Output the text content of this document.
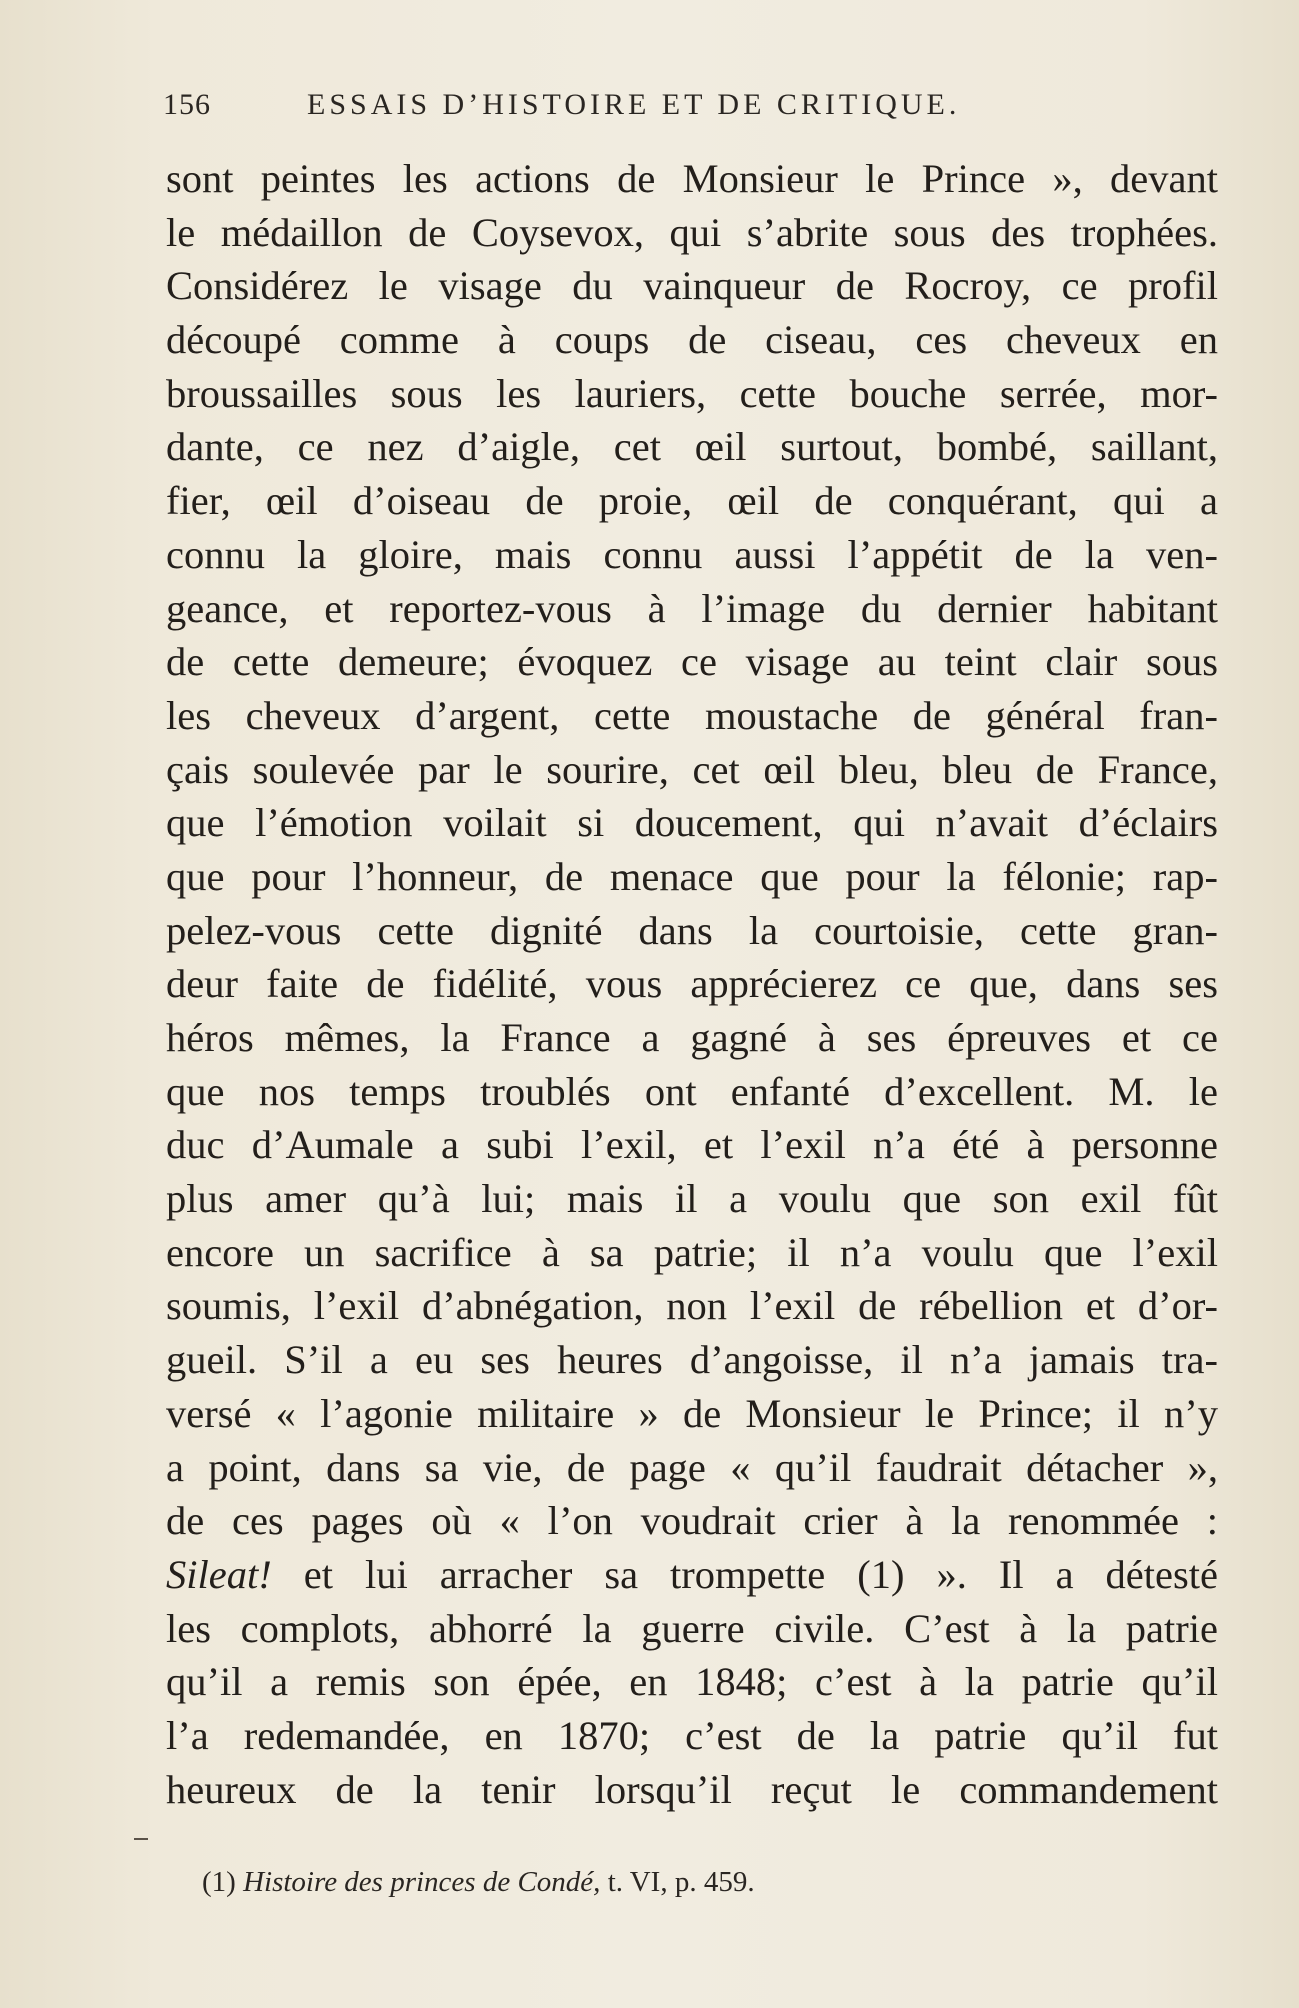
156	ESSAIS D’HISTOIRE ET DE CRITIQUE.
sont peintes les actions de Monsieur le Prince », devant
le médaillon de Coysevox, qui s’abrite sous des trophées.
Considérez le visage du vainqueur de Rocroy, ce profil
découpé comme à coups de ciseau, ces cheveux en
broussailles sous les lauriers, cette bouche serrée, mor-
dante, ce nez d’aigle, cet œil surtout, bombé, saillant,
fier, œil d’oiseau de proie, œil de conquérant, qui a
connu la gloire, mais connu aussi l’appétit de la ven-
geance, et reportez-vous à l’image du dernier habitant
de cette demeure; évoquez ce visage au teint clair sous
les cheveux d’argent, cette moustache de général fran-
çais soulevée par le sourire, cet œil bleu, bleu de France,
que l’émotion voilait si doucement, qui n’avait d’éclairs
que pour l’honneur, de menace que pour la félonie; rap-
pelez-vous cette dignité dans la courtoisie, cette gran-
deur faite de fidélité, vous apprécierez ce que, dans ses
héros mêmes, la France a gagné à ses épreuves et ce
que nos temps troublés ont enfanté d’excellent. M. le
duc d’Aumale a subi l’exil, et l’exil n’a été à personne
plus amer qu’à lui; mais il a voulu que son exil fût
encore un sacrifice à sa patrie; il n’a voulu que l’exil
soumis, l’exil d’abnégation, non l’exil de rébellion et d’or-
gueil. S’il a eu ses heures d’angoisse, il n’a jamais tra-
versé « l’agonie militaire » de Monsieur le Prince; il n’y
a point, dans sa vie, de page « qu’il faudrait détacher »,
de ces pages où « l’on voudrait crier à la renommée :
Sileat! et lui arracher sa trompette (1) ». Il a détesté
les complots, abhorré la guerre civile. C’est à la patrie
qu’il a remis son épée, en 1848; c’est à la patrie qu’il
l’a redemandée, en 1870; c’est de la patrie qu’il fut
heureux de la tenir lorsqu’il reçut le commandement
(1) Histoire des princes de Condé, t. VI, p. 459.
